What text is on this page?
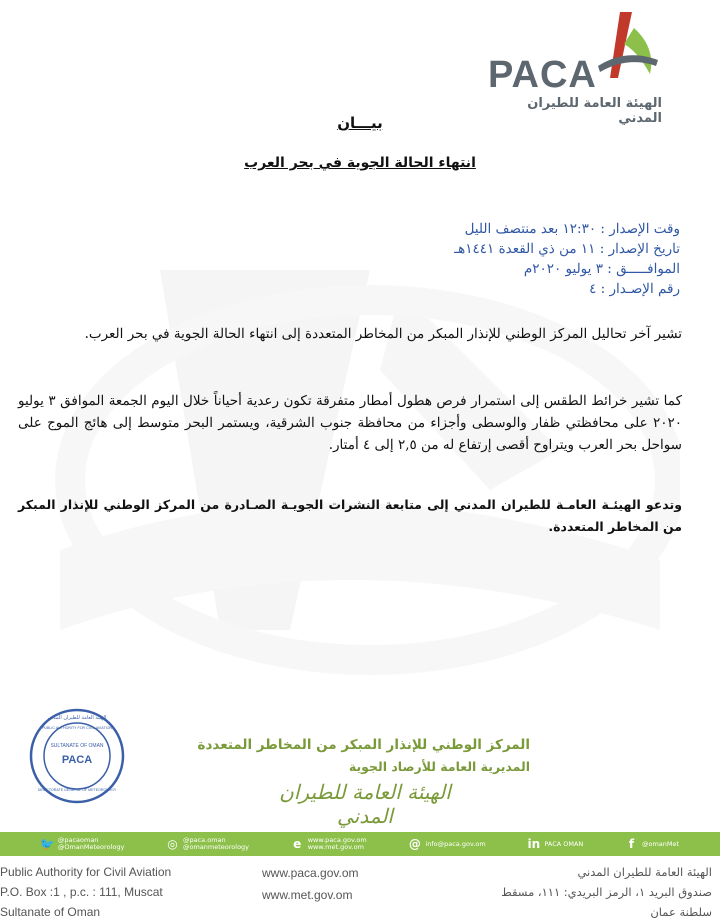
PACA
الهيئة العامة للطيران المدني
بيـــان
انتهاء الحالة الجوية في بحر العرب
وقت الإصدار : ١٢:٣٠ بعد منتصف الليل
تاريخ الإصدار : ١١ من ذي القعدة ١٤٤١هـ
الموافـــــق : ٣ يوليو ٢٠٢٠م
رقم الإصـدار : ٤
تشير آخر تحاليل المركز الوطني للإنذار المبكر من المخاطر المتعددة إلى انتهاء الحالة الجوية في بحر العرب.
كما تشير خرائط الطقس إلى استمرار فرص هطول أمطار متفرقة تكون رعدية أحياناً خلال اليوم الجمعة الموافق ٣ يوليو ٢٠٢٠ على محافظتي ظفار والوسطى وأجزاء من محافظة جنوب الشرقية، ويستمر البحر متوسط إلى هائج الموج على سواحل بحر العرب ويتراوح أقصى إرتفاع له من ٢,٥ إلى ٤ أمتار.
وتدعو الهيئـة العامـة للطيران المدني إلى متابعة النشرات الجويـة الصـادرة من المركز الوطني للإنذار المبكر من المخاطر المتعددة.
SULTANATE OF OMAN
PACA
الهيئة العامة للطيران المدني
PUBLIC AUTHORITY FOR CIVIL AVIATION
DIRECTORATE GENERAL OF METEOROLOGY
المركز الوطني للإنذار المبكر من المخاطر المتعددة
المديرية العامة للأرصاد الجوية
الهيئة العامة للطيران المدني
🐦 @pacaoman
@OmanMeteorology	◎ @paca.oman
@omanmeteorology	e www.paca.gov.om
www.met.gov.om	@ info@paca.gov.om	in PACA OMAN	f	@omanMet
Public Authority for Civil Aviation
P.O. Box :1 , p.c. : 111, Muscat
Sultanate of Oman
www.paca.gov.om
www.met.gov.om
الهيئة العامة للطيران المدني
صندوق البريد ١، الرمز البريدي: ١١١، مسقط
سلطنة عمان
